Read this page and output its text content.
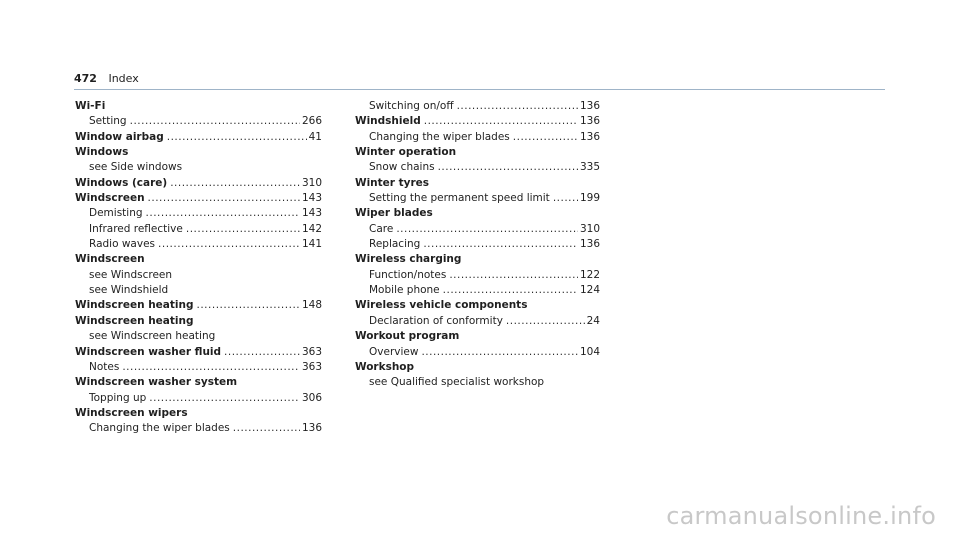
472 Index
Wi-Fi
Setting .....	266
Window airbag .....	41
Windows
see Side windows
Windows (care) .....	310
Windscreen .....	143
Demisting .....	143
Infrared reflective .....	142
Radio waves .....	141
Windscreen
see Windscreen
see Windshield
Windscreen heating .....	148
Windscreen heating
see Windscreen heating
Windscreen washer fluid .....	363
Notes .....	363
Windscreen washer system
Topping up .....	306
Windscreen wipers
Changing the wiper blades .....	136
Switching on/off .....	136
Windshield .....	136
Changing the wiper blades .....	136
Winter operation
Snow chains .....	335
Winter tyres
Setting the permanent speed limit .....	199
Wiper blades
Care .....	310
Replacing .....	136
Wireless charging
Function/notes .....	122
Mobile phone .....	124
Wireless vehicle components
Declaration of conformity .....	24
Workout program
Overview .....	104
Workshop
see Qualified specialist workshop
carmanualsonline.info
